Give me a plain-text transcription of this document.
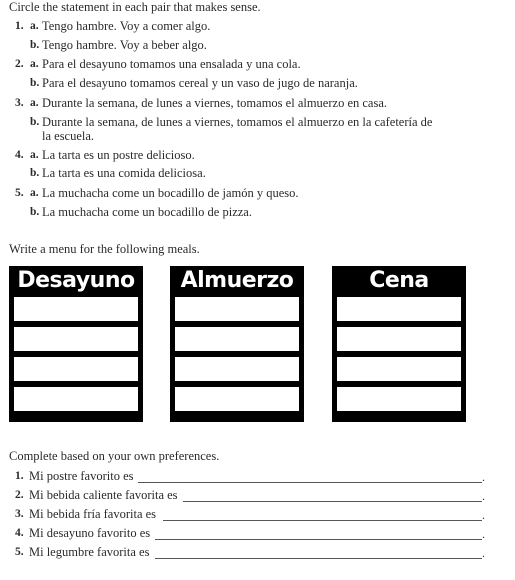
Circle the statement in each pair that makes sense.
1. a. Tengo hambre. Voy a comer algo.
b. Tengo hambre. Voy a beber algo.
2. a. Para el desayuno tomamos una ensalada y una cola.
b. Para el desayuno tomamos cereal y un vaso de jugo de naranja.
3. a. Durante la semana, de lunes a viernes, tomamos el almuerzo en casa.
b. Durante la semana, de lunes a viernes, tomamos el almuerzo en la cafetería de
la escuela.
4. a. La tarta es un postre delicioso.
b. La tarta es una comida deliciosa.
5. a. La muchacha come un bocadillo de jamón y queso.
b. La muchacha come un bocadillo de pizza.
Write a menu for the following meals.
Desayuno	Almuerzo	Cena
Complete based on your own preferences.
1. Mi postre favorito es	.
2. Mi bebida caliente favorita es	.
3. Mi bebida fría favorita es	.
4. Mi desayuno favorito es	.
5. Mi legumbre favorita es	.
